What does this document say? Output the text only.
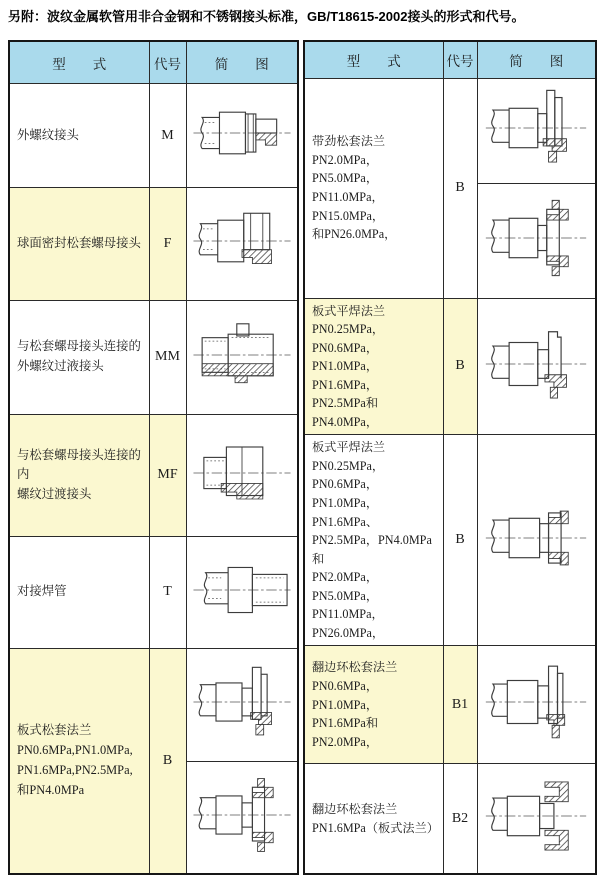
另附：波纹金属软管用非合金钢和不锈钢接头标准，GB/T18615-2002接头的形式和代号。
型　　式	代号	简　　图
外螺纹接头	M	
球面密封松套螺母接头	F	
与松套螺母接头连接的
外螺纹过液接头	MM	
与松套螺母接头连接的内
螺纹过渡接头	MF	
对接焊管	T	
板式松套法兰
PN0.6MPa,PN1.0MPa,
PN1.6MPa,PN2.5MPa,
和PN4.0MPa	B	

型　　式	代号	简　　图
带劲松套法兰
PN2.0MPa，PN5.0MPa，
PN11.0MPa，PN15.0MPa，
和PN26.0MPa，	B	

板式平焊法兰
PN0.25MPa，PN0.6MPa，
PN1.0MPa，PN1.6MPa，
PN2.5MPa和PN4.0MPa，	B	
板式平焊法兰
PN0.25MPa，PN0.6MPa，
PN1.0MPa，PN1.6MPa、
PN2.5MPa，PN4.0MPa和
PN2.0MPa，PN5.0MPa，
PN11.0MPa，PN26.0MPa，	B	
翻边环松套法兰
PN0.6MPa，PN1.0MPa，
PN1.6MPa和PN2.0MPa，	B1	
翻边环松套法兰
PN1.6MPa（板式法兰）	B2	
